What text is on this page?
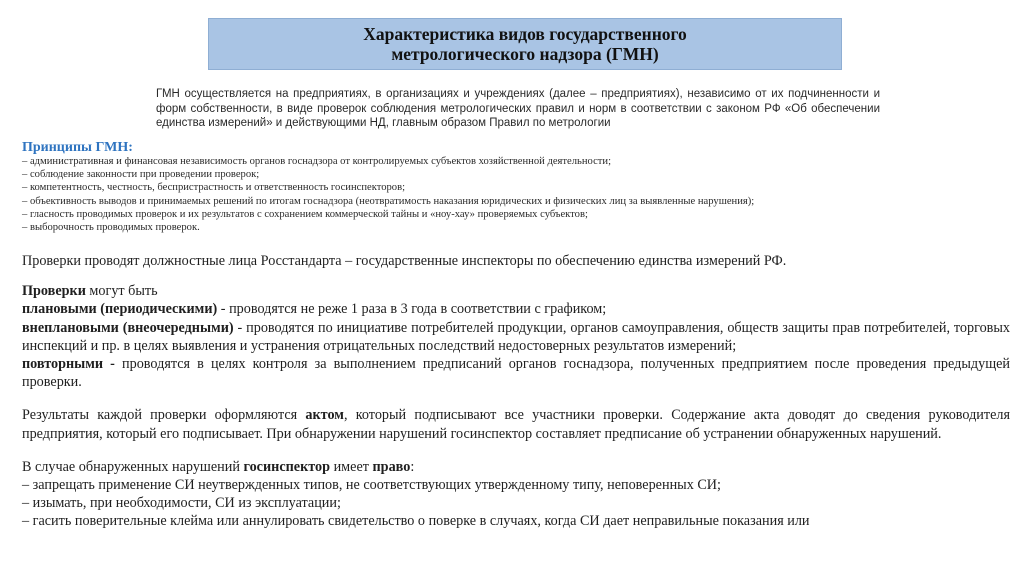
Характеристика видов государственного
метрологического надзора (ГМН)

ГМН осуществляется на предприятиях, в организациях и учреждениях (далее – предприятиях), независимо от их подчиненности и форм собственности, в виде проверок соблюдения метрологических правил и норм в соответствии с законом РФ «Об обеспечении единства измерений» и действующими НД, главным образом Правил по метрологии

Принципы ГМН:
– административная и финансовая независимость органов госнадзора от контролируемых субъектов хозяйственной деятельности;
– соблюдение законности при проведении проверок;
– компетентность, честность, беспристрастность и ответственность госинспекторов;
– объективность выводов и принимаемых решений по итогам госнадзора (неотвратимость наказания юридических и физических лиц за выявленные нарушения);
– гласность проводимых проверок и их результатов с сохранением коммерческой тайны и «ноу-хау» проверяемых субъектов;
– выборочность проводимых проверок.

Проверки проводят должностные лица Росстандарта – государственные инспекторы по обеспечению единства измерений РФ.

Проверки могут быть

плановыми (периодическими) - проводятся не реже 1 раза в 3 года в соответствии с графиком;

внеплановыми (внеочередными) - проводятся по инициативе потребителей продукции, органов самоуправления, обществ защиты прав потребителей, торговых инспекций и пр. в целях выявления и устранения отрицательных последствий недостоверных результатов измерений;

повторными - проводятся в целях контроля за выполнением предписаний органов госнадзора, полученных предприятием после проведения предыдущей проверки.

Результаты каждой проверки оформляются актом, который подписывают все участники проверки. Содержание акта доводят до сведения руководителя предприятия, который его подписывает. При обнаружении нарушений госинспектор составляет предписание об устранении обнаруженных нарушений.

В случае обнаруженных нарушений госинспектор имеет право:

– запрещать применение СИ неутвержденных типов, не соответствующих утвержденному типу, неповеренных СИ;

– изымать, при необходимости, СИ из эксплуатации;

– гасить поверительные клейма или аннулировать свидетельство о поверке в случаях, когда СИ дает неправильные показания или
